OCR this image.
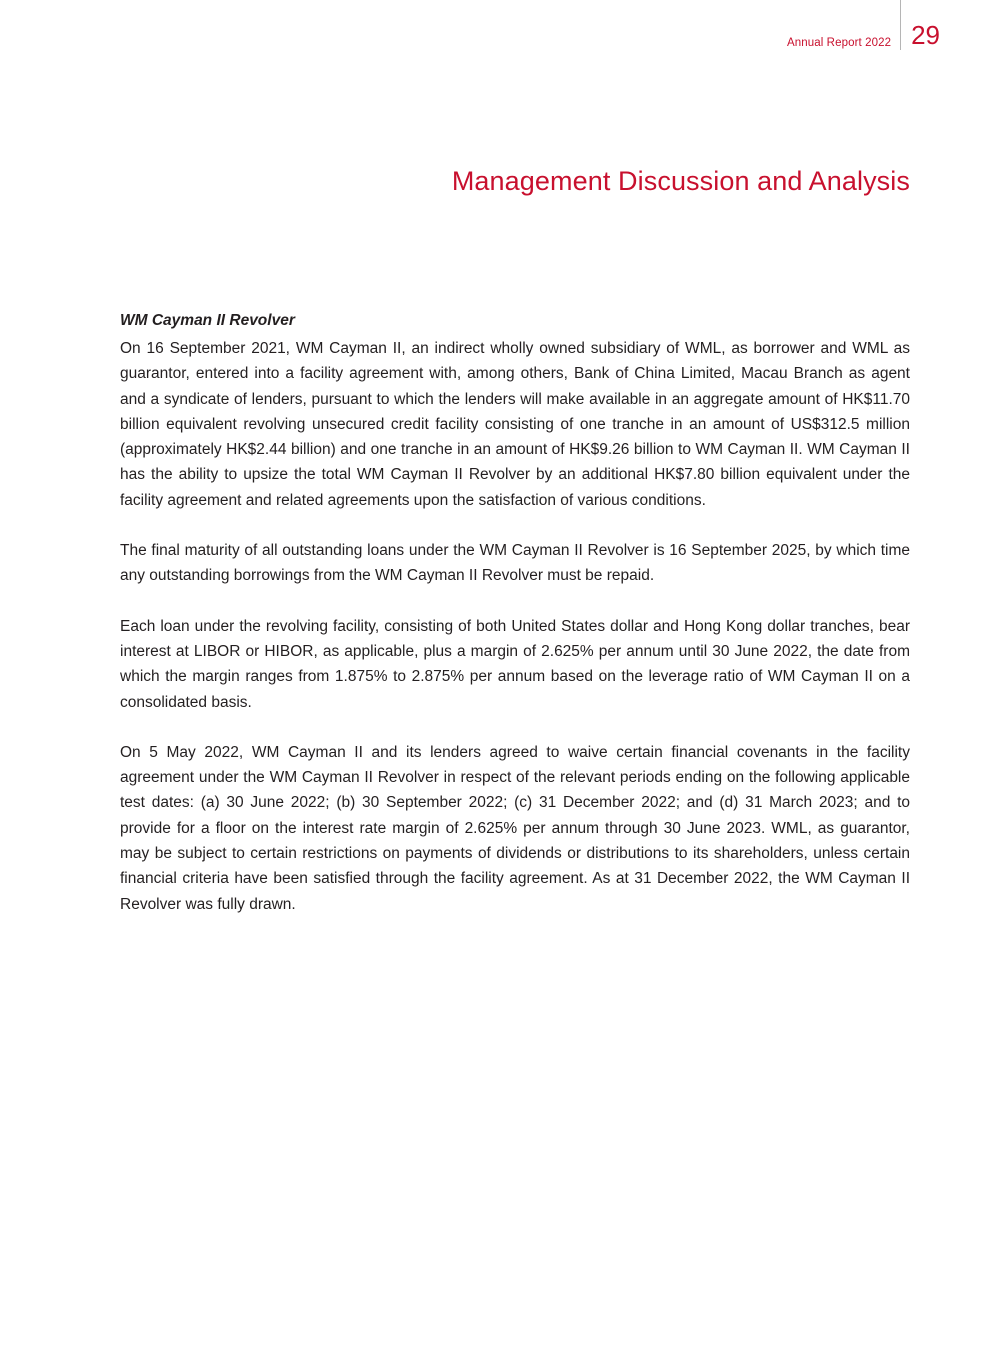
Annual Report 2022 29
Management Discussion and Analysis
WM Cayman II Revolver

On 16 September 2021, WM Cayman II, an indirect wholly owned subsidiary of WML, as borrower and WML as guarantor, entered into a facility agreement with, among others, Bank of China Limited, Macau Branch as agent and a syndicate of lenders, pursuant to which the lenders will make available in an aggregate amount of HK$11.70 billion equivalent revolving unsecured credit facility consisting of one tranche in an amount of US$312.5 million (approximately HK$2.44 billion) and one tranche in an amount of HK$9.26 billion to WM Cayman II. WM Cayman II has the ability to upsize the total WM Cayman II Revolver by an additional HK$7.80 billion equivalent under the facility agreement and related agreements upon the satisfaction of various conditions.

The final maturity of all outstanding loans under the WM Cayman II Revolver is 16 September 2025, by which time any outstanding borrowings from the WM Cayman II Revolver must be repaid.

Each loan under the revolving facility, consisting of both United States dollar and Hong Kong dollar tranches, bear interest at LIBOR or HIBOR, as applicable, plus a margin of 2.625% per annum until 30 June 2022, the date from which the margin ranges from 1.875% to 2.875% per annum based on the leverage ratio of WM Cayman II on a consolidated basis.

On 5 May 2022, WM Cayman II and its lenders agreed to waive certain financial covenants in the facility agreement under the WM Cayman II Revolver in respect of the relevant periods ending on the following applicable test dates: (a) 30 June 2022; (b) 30 September 2022; (c) 31 December 2022; and (d) 31 March 2023; and to provide for a floor on the interest rate margin of 2.625% per annum through 30 June 2023. WML, as guarantor, may be subject to certain restrictions on payments of dividends or distributions to its shareholders, unless certain financial criteria have been satisfied through the facility agreement. As at 31 December 2022, the WM Cayman II Revolver was fully drawn.
